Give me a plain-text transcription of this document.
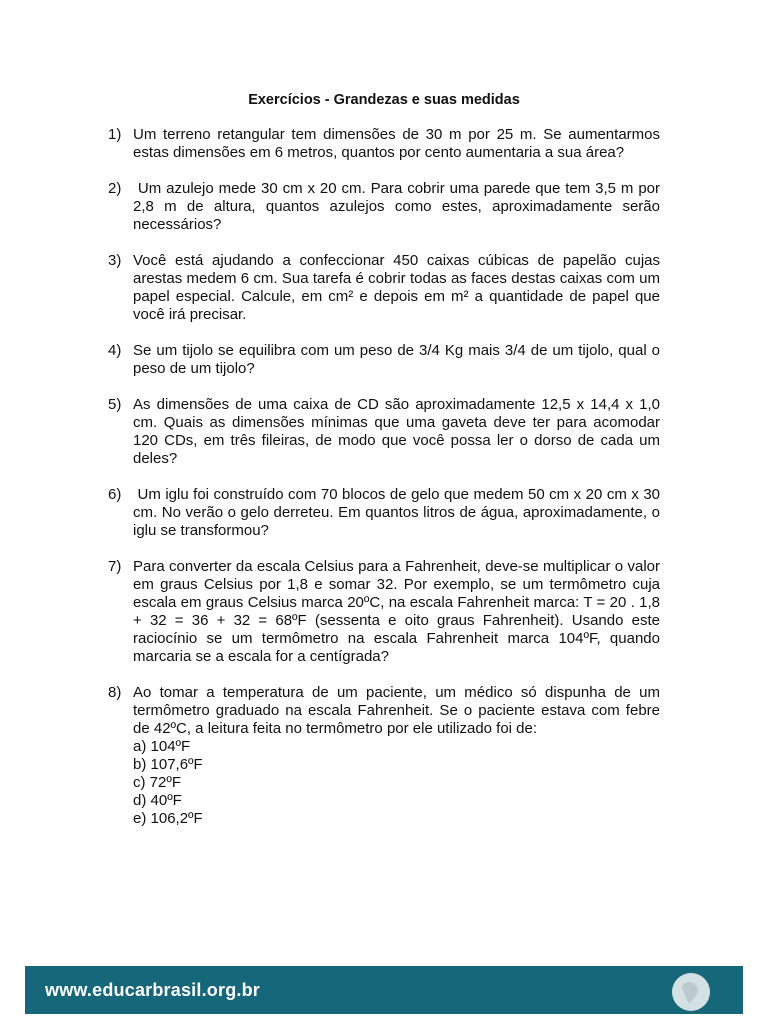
Exercícios - Grandezas e suas medidas
1) Um terreno retangular tem dimensões de 30 m por 25 m. Se aumentarmos estas dimensões em 6 metros, quantos por cento aumentaria a sua área?
2) Um azulejo mede 30 cm x 20 cm. Para cobrir uma parede que tem 3,5 m por 2,8 m de altura, quantos azulejos como estes, aproximadamente serão necessários?
3) Você está ajudando a confeccionar 450 caixas cúbicas de papelão cujas arestas medem 6 cm. Sua tarefa é cobrir todas as faces destas caixas com um papel especial. Calcule, em cm² e depois em m² a quantidade de papel que você irá precisar.
4) Se um tijolo se equilibra com um peso de 3/4 Kg mais 3/4 de um tijolo, qual o peso de um tijolo?
5) As dimensões de uma caixa de CD são aproximadamente 12,5 x 14,4 x 1,0 cm. Quais as dimensões mínimas que uma gaveta deve ter para acomodar 120 CDs, em três fileiras, de modo que você possa ler o dorso de cada um deles?
6) Um iglu foi construído com 70 blocos de gelo que medem 50 cm x 20 cm x 30 cm. No verão o gelo derreteu. Em quantos litros de água, aproximadamente, o iglu se transformou?
7) Para converter da escala Celsius para a Fahrenheit, deve-se multiplicar o valor em graus Celsius por 1,8 e somar 32. Por exemplo, se um termômetro cuja escala em graus Celsius marca 20ºC, na escala Fahrenheit marca: T = 20 . 1,8 + 32 = 36 + 32 = 68ºF (sessenta e oito graus Fahrenheit). Usando este raciocínio se um termômetro na escala Fahrenheit marca 104ºF, quando marcaria se a escala for a centígrada?
8) Ao tomar a temperatura de um paciente, um médico só dispunha de um termômetro graduado na escala Fahrenheit. Se o paciente estava com febre de 42ºC, a leitura feita no termômetro por ele utilizado foi de:
a) 104ºF
b) 107,6ºF
c) 72ºF
d) 40ºF
e) 106,2ºF
www.educarbrasil.org.br
